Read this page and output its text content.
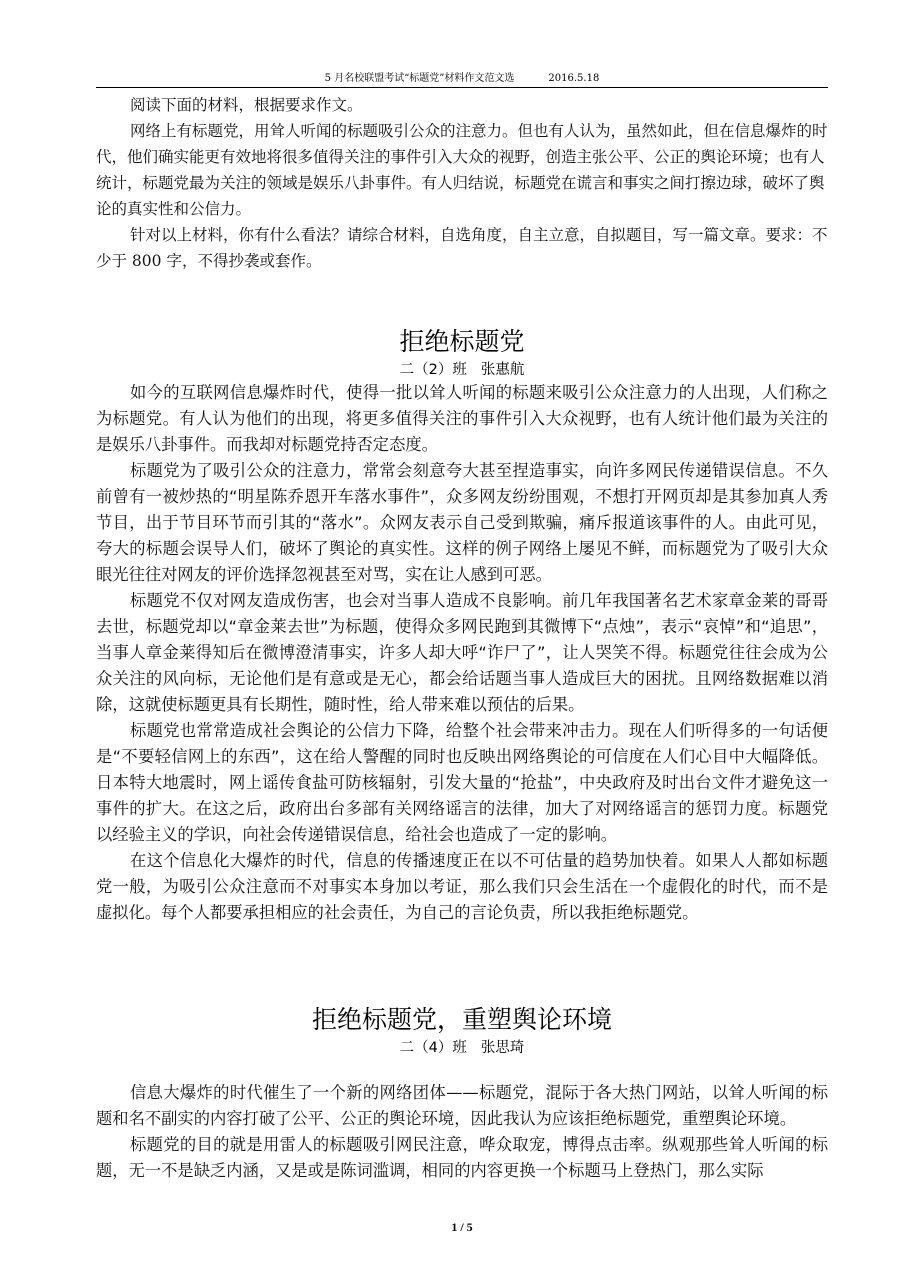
5 月名校联盟考试“标题党”材料作文范文选	2016.5.18

阅读下面的材料，根据要求作文。

网络上有标题党，用耸人听闻的标题吸引公众的注意力。但也有人认为，虽然如此，但在信息爆炸的时代，他们确实能更有效地将很多值得关注的事件引入大众的视野，创造主张公平、公正的舆论环境；也有人统计，标题党最为关注的领域是娱乐八卦事件。有人归结说，标题党在谎言和事实之间打擦边球，破坏了舆论的真实性和公信力。

针对以上材料，你有什么看法？请综合材料，自选角度，自主立意，自拟题目，写一篇文章。要求：不少于 800 字，不得抄袭或套作。

拒绝标题党
二（2）班 张惠航

如今的互联网信息爆炸时代，使得一批以耸人听闻的标题来吸引公众注意力的人出现，人们称之为标题党。有人认为他们的出现，将更多值得关注的事件引入大众视野，也有人统计他们最为关注的是娱乐八卦事件。而我却对标题党持否定态度。

标题党为了吸引公众的注意力，常常会刻意夸大甚至捏造事实，向许多网民传递错误信息。不久前曾有一被炒热的“明星陈乔恩开车落水事件”，众多网友纷纷围观，不想打开网页却是其参加真人秀节目，出于节目环节而引其的“落水”。众网友表示自己受到欺骗，痛斥报道该事件的人。由此可见，夸大的标题会误导人们，破坏了舆论的真实性。这样的例子网络上屡见不鲜，而标题党为了吸引大众眼光往往对网友的评价选择忽视甚至对骂，实在让人感到可恶。

标题党不仅对网友造成伤害，也会对当事人造成不良影响。前几年我国著名艺术家章金莱的哥哥去世，标题党却以“章金莱去世”为标题，使得众多网民跑到其微博下“点烛”，表示“哀悼”和“追思”，当事人章金莱得知后在微博澄清事实，许多人却大呼“诈尸了”，让人哭笑不得。标题党往往会成为公众关注的风向标，无论他们是有意或是无心，都会给话题当事人造成巨大的困扰。且网络数据难以消除，这就使标题更具有长期性，随时性，给人带来难以预估的后果。

标题党也常常造成社会舆论的公信力下降，给整个社会带来冲击力。现在人们听得多的一句话便是“不要轻信网上的东西”，这在给人警醒的同时也反映出网络舆论的可信度在人们心目中大幅降低。日本特大地震时，网上谣传食盐可防核辐射，引发大量的“抢盐”，中央政府及时出台文件才避免这一事件的扩大。在这之后，政府出台多部有关网络谣言的法律，加大了对网络谣言的惩罚力度。标题党以经验主义的学识，向社会传递错误信息，给社会也造成了一定的影响。

在这个信息化大爆炸的时代，信息的传播速度正在以不可估量的趋势加快着。如果人人都如标题党一般，为吸引公众注意而不对事实本身加以考证，那么我们只会生活在一个虚假化的时代，而不是虚拟化。每个人都要承担相应的社会责任，为自己的言论负责，所以我拒绝标题党。

拒绝标题党，重塑舆论环境
二（4）班 张思琦

信息大爆炸的时代催生了一个新的网络团体——标题党，混际于各大热门网站，以耸人听闻的标题和名不副实的内容打破了公平、公正的舆论环境，因此我认为应该拒绝标题党，重塑舆论环境。

标题党的目的就是用雷人的标题吸引网民注意，哗众取宠，博得点击率。纵观那些耸人听闻的标题，无一不是缺乏内涵，又是或是陈词滥调，相同的内容更换一个标题马上登热门，那么实际

1 / 5
